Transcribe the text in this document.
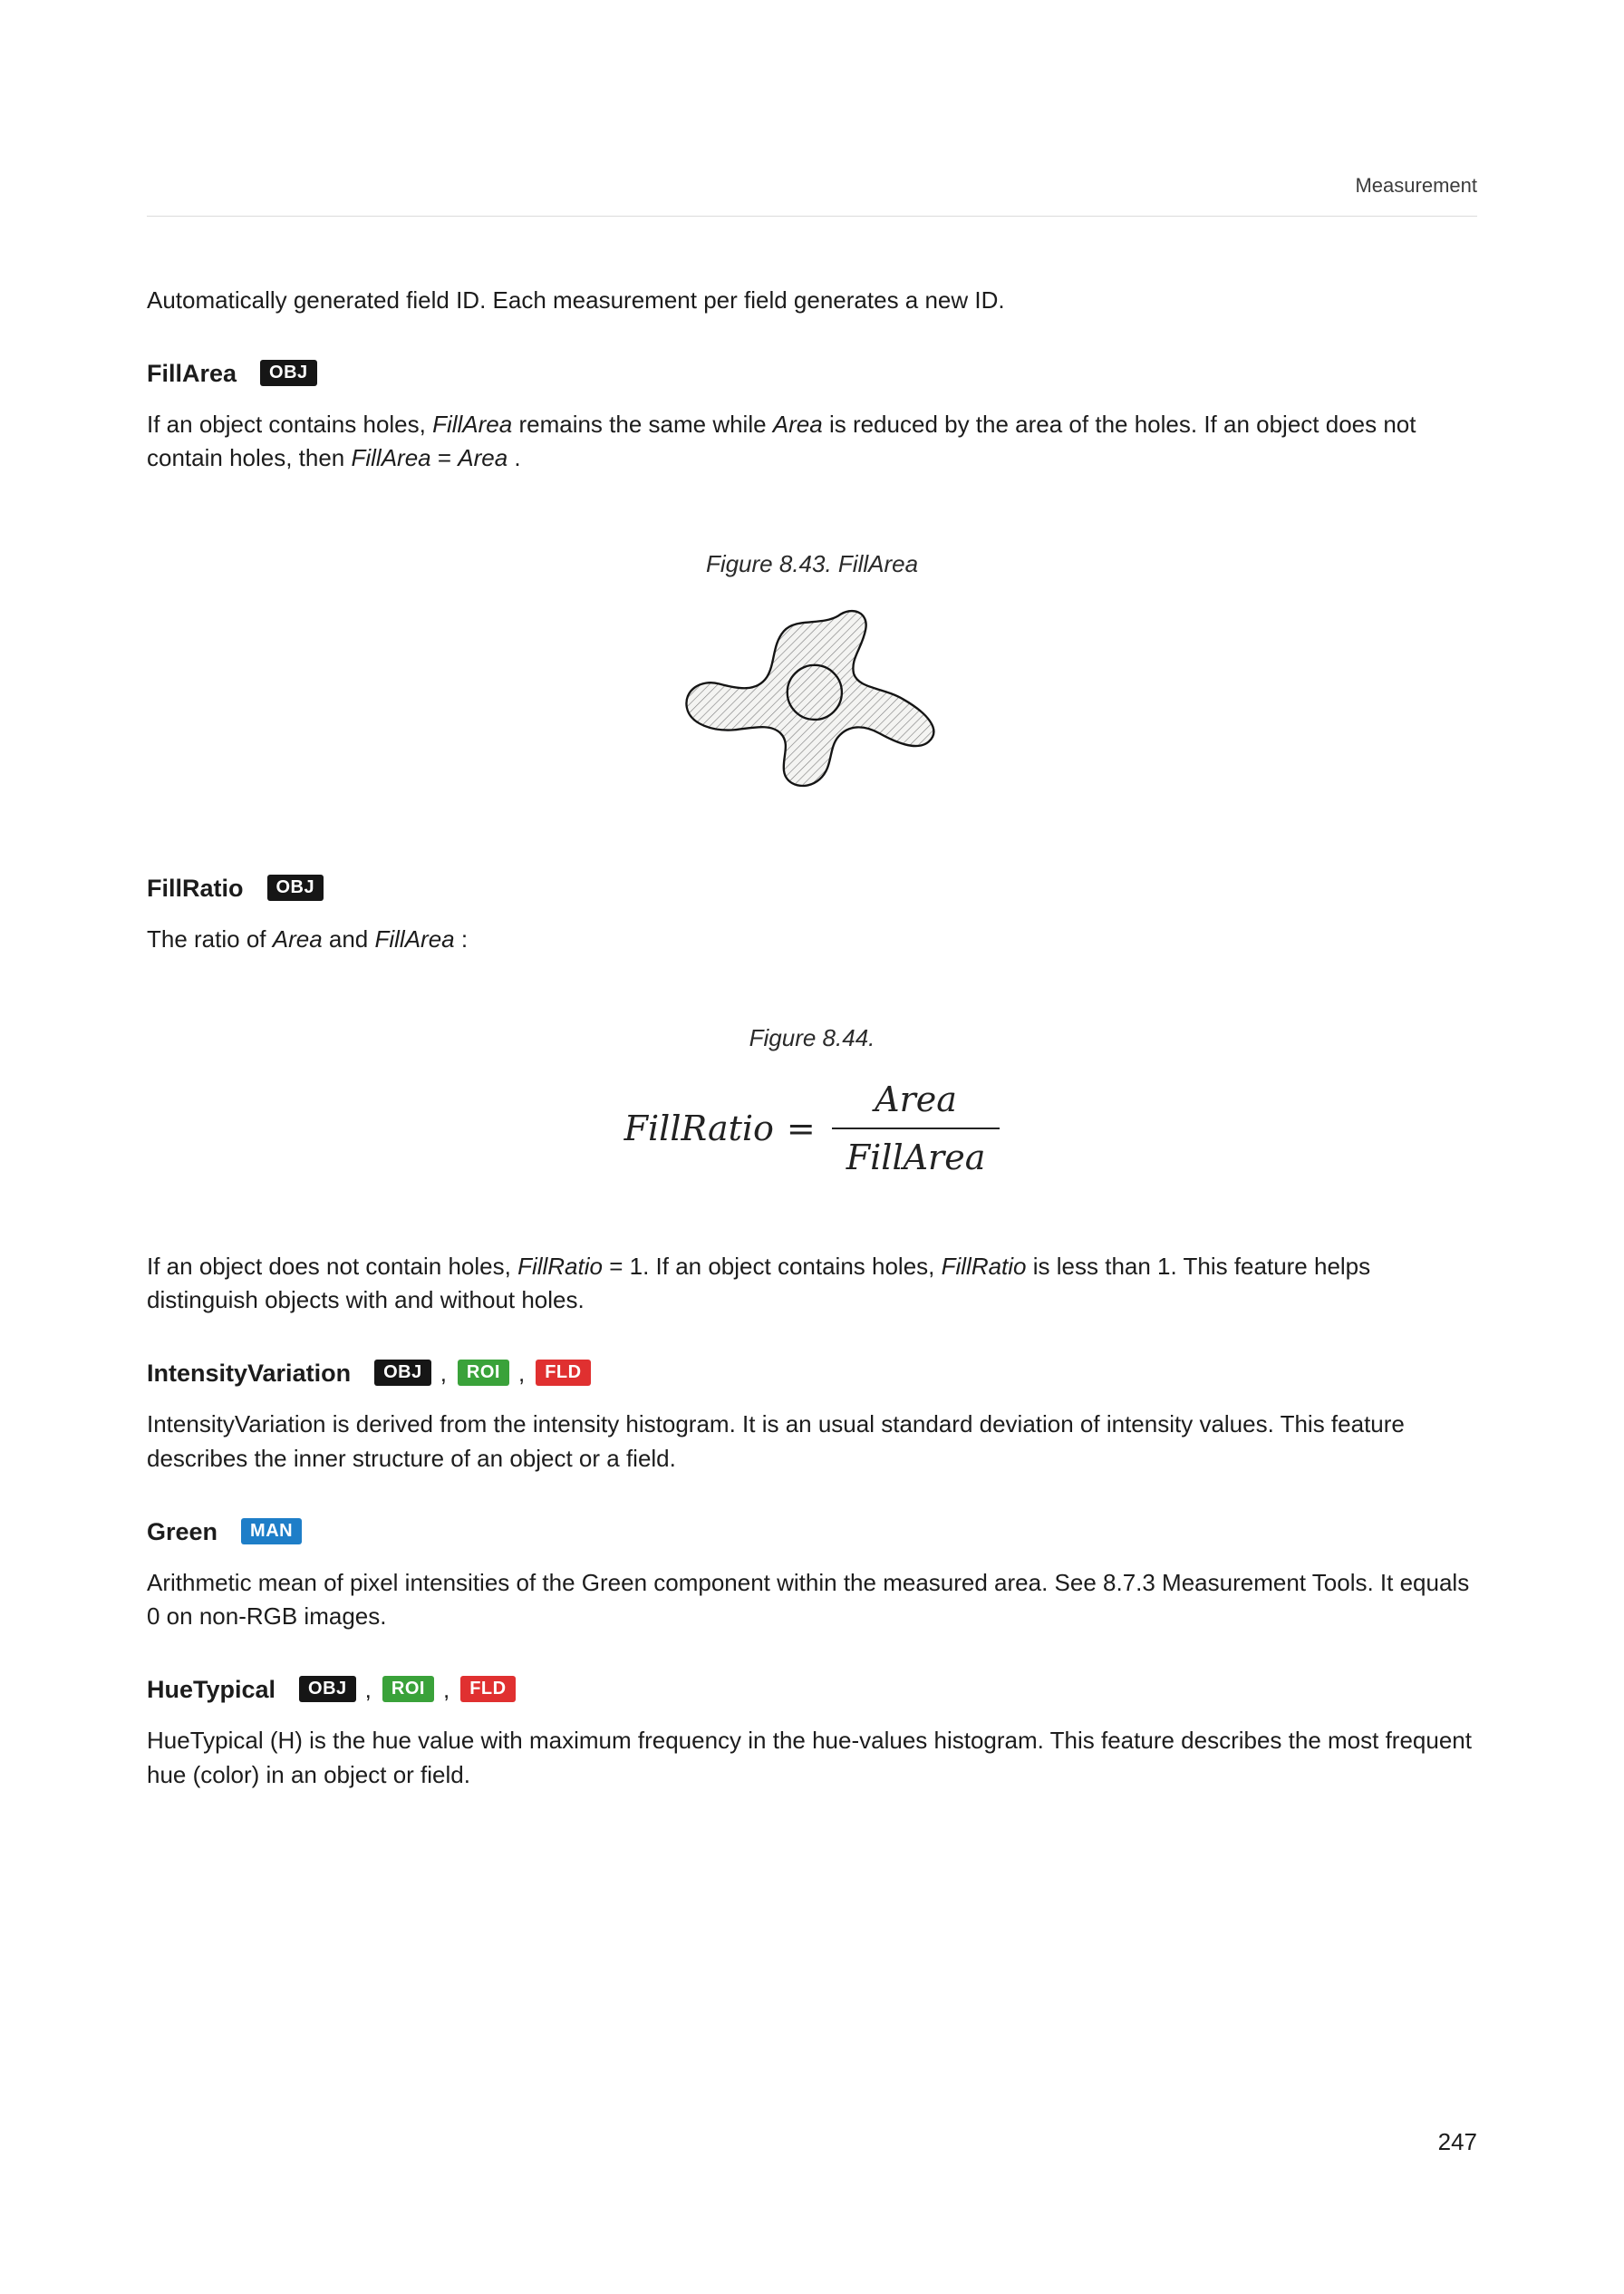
Measurement

Automatically generated field ID. Each measurement per field generates a new ID.

FillArea	OBJ

If an object contains holes, FillArea remains the same while Area is reduced by the area of the holes. If an object does not contain holes, then FillArea = Area .

Figure 8.43. FillArea

FillRatio	OBJ

The ratio of Area and FillArea :

Figure 8.44.

FillRatio = $\frac{\text{Area}}{\text{FillArea}}$

If an object does not contain holes, FillRatio = 1. If an object contains holes, FillRatio is less than 1. This feature helps distinguish objects with and without holes.

IntensityVariation	OBJ ,	ROI ,	FLD

IntensityVariation is derived from the intensity histogram. It is an usual standard deviation of intensity values. This feature describes the inner structure of an object or a field.

Green	MAN

Arithmetic mean of pixel intensities of the Green component within the measured area. See 8.7.3 Measurement Tools. It equals 0 on non-RGB images.

HueTypical	OBJ ,	ROI ,	FLD

HueTypical (H) is the hue value with maximum frequency in the hue-values histogram. This feature describes the most frequent hue (color) in an object or field.

247
